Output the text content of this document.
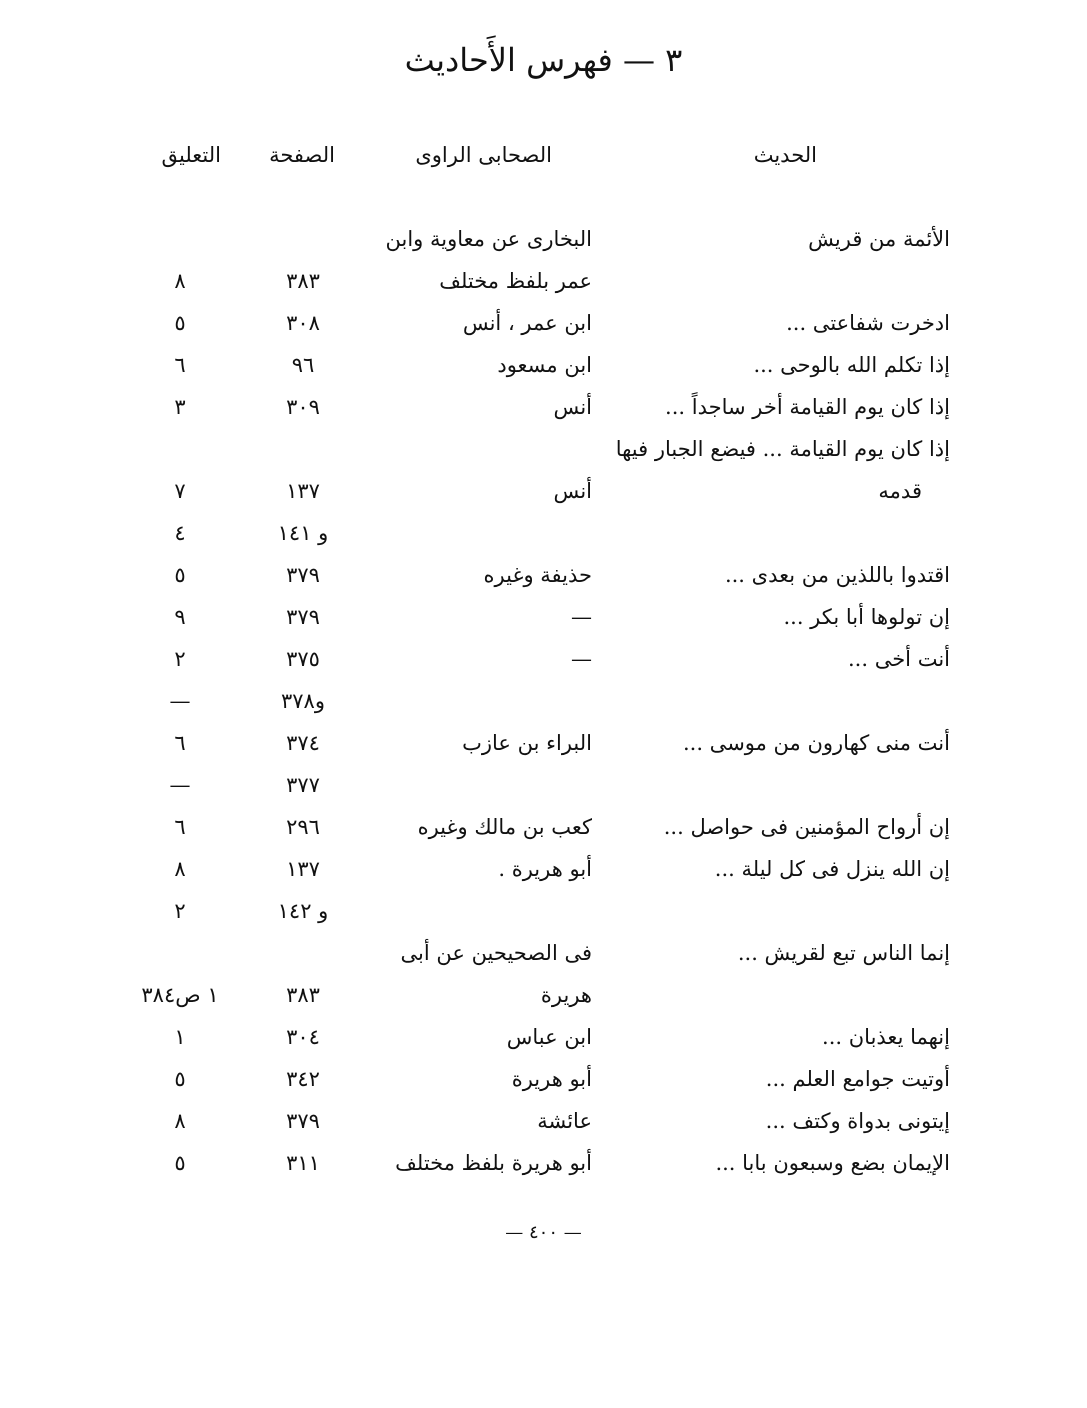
٣ — فهرس الأَحاديث
الحديث
الصحابى الراوى
الصفحة
التعليق
الأئمة من قريش
البخارى عن معاوية وابن
عمر بلفظ مختلف
٣٨٣
٨
ادخرت شفاعتى ...
ابن عمر ، أنس
٣٠٨
٥
إذا تكلم الله بالوحى ...
ابن مسعود
٩٦
٦
إذا كان يوم القيامة أخر ساجداً ...
أنس
٣٠٩
٣
إذا كان يوم القيامة ... فيضع الجبار فيها
قدمه
أنس
١٣٧
٧
و ١٤١
٤
اقتدوا باللذين من بعدى ...
حذيفة وغيره
٣٧٩
٥
إن تولوها أبا بكر ...
—
٣٧٩
٩
أنت أخى ...
—
٣٧٥
٢
و٣٧٨
—
أنت منى كهارون من موسى ...
البراء بن عازب
٣٧٤
٦
٣٧٧
—
إن أرواح المؤمنين فى حواصل ...
كعب بن مالك وغيره
٢٩٦
٦
إن الله ينزل فى كل ليلة ...
أبو هريرة .
١٣٧
٨
و ١٤٢
٢
إنما الناس تبع لقريش ...
فى الصحيحين عن أبى
هريرة
٣٨٣
١ ص٣٨٤
إنهما يعذبان ...
ابن عباس
٣٠٤
١
أوتيت جوامع العلم ...
أبو هريرة
٣٤٢
٥
إيتونى بدواة وكتف ...
عائشة
٣٧٩
٨
الإيمان بضع وسبعون بابا ...
أبو هريرة بلفظ مختلف
٣١١
٥
— ٤٠٠ —
